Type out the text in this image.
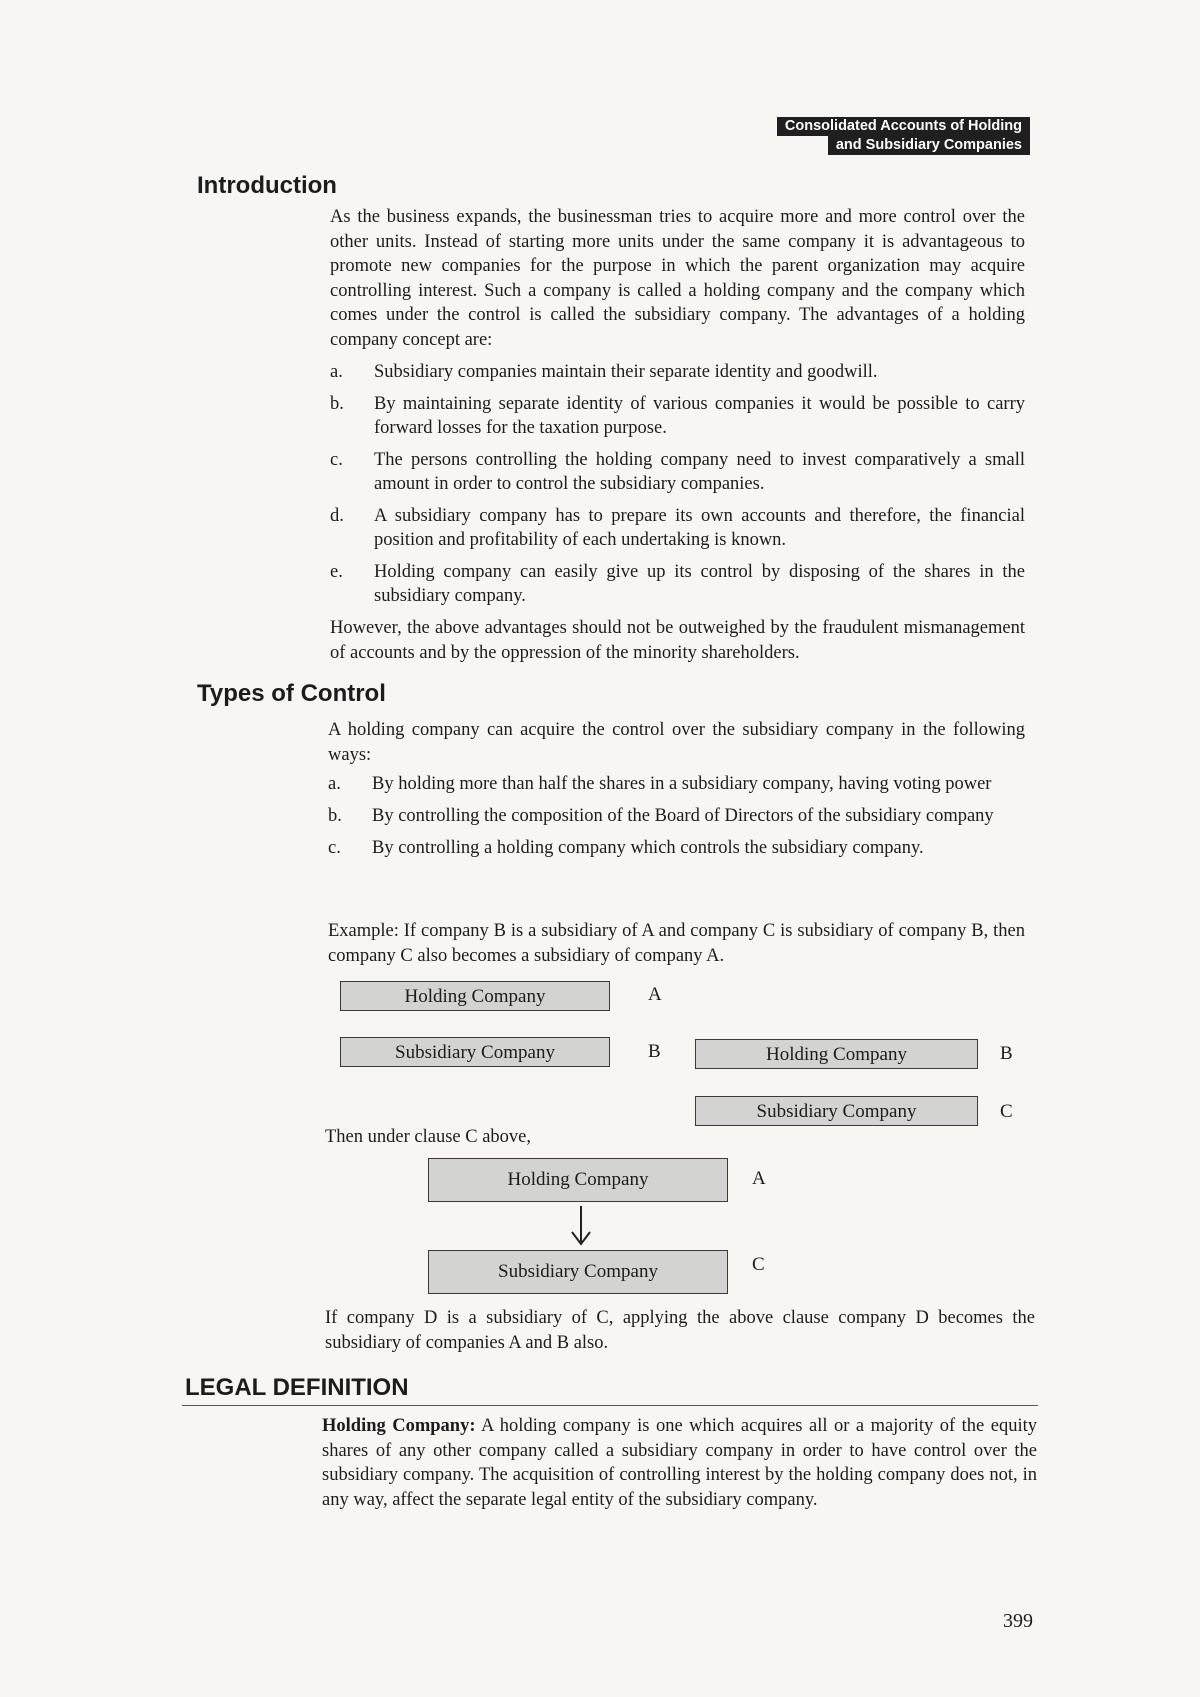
Consolidated Accounts of Holding
and Subsidiary Companies
Introduction

As the business expands, the businessman tries to acquire more and more control over the other units. Instead of starting more units under the same company it is advantageous to promote new companies for the purpose in which the parent organization may acquire controlling interest. Such a company is called a holding company and the company which comes under the control is called the subsidiary company. The advantages of a holding company concept are:

a. Subsidiary companies maintain their separate identity and goodwill.
b. By maintaining separate identity of various companies it would be possible to carry forward losses for the taxation purpose.
c. The persons controlling the holding company need to invest comparatively a small amount in order to control the subsidiary companies.
d. A subsidiary company has to prepare its own accounts and therefore, the financial position and profitability of each undertaking is known.
e. Holding company can easily give up its control by disposing of the shares in the subsidiary company.

However, the above advantages should not be outweighed by the fraudulent mismanagement of accounts and by the oppression of the minority shareholders.

Types of Control

A holding company can acquire the control over the subsidiary company in the following ways:

a. By holding more than half the shares in a subsidiary company, having voting power
b. By controlling the composition of the Board of Directors of the subsidiary company
c. By controlling a holding company which controls the subsidiary company.

Example: If company B is a subsidiary of A and company C is subsidiary of company B, then company C also becomes a subsidiary of company A.

Holding Company	A
Subsidiary Company	B	Holding Company	B
Subsidiary Company	C

Then under clause C above,

Holding Company	A
Subsidiary Company	C

If company D is a subsidiary of C, applying the above clause company D becomes the subsidiary of companies A and B also.

LEGAL DEFINITION

Holding Company: A holding company is one which acquires all or a majority of the equity shares of any other company called a subsidiary company in order to have control over the subsidiary company. The acquisition of controlling interest by the holding company does not, in any way, affect the separate legal entity of the subsidiary company.

399
